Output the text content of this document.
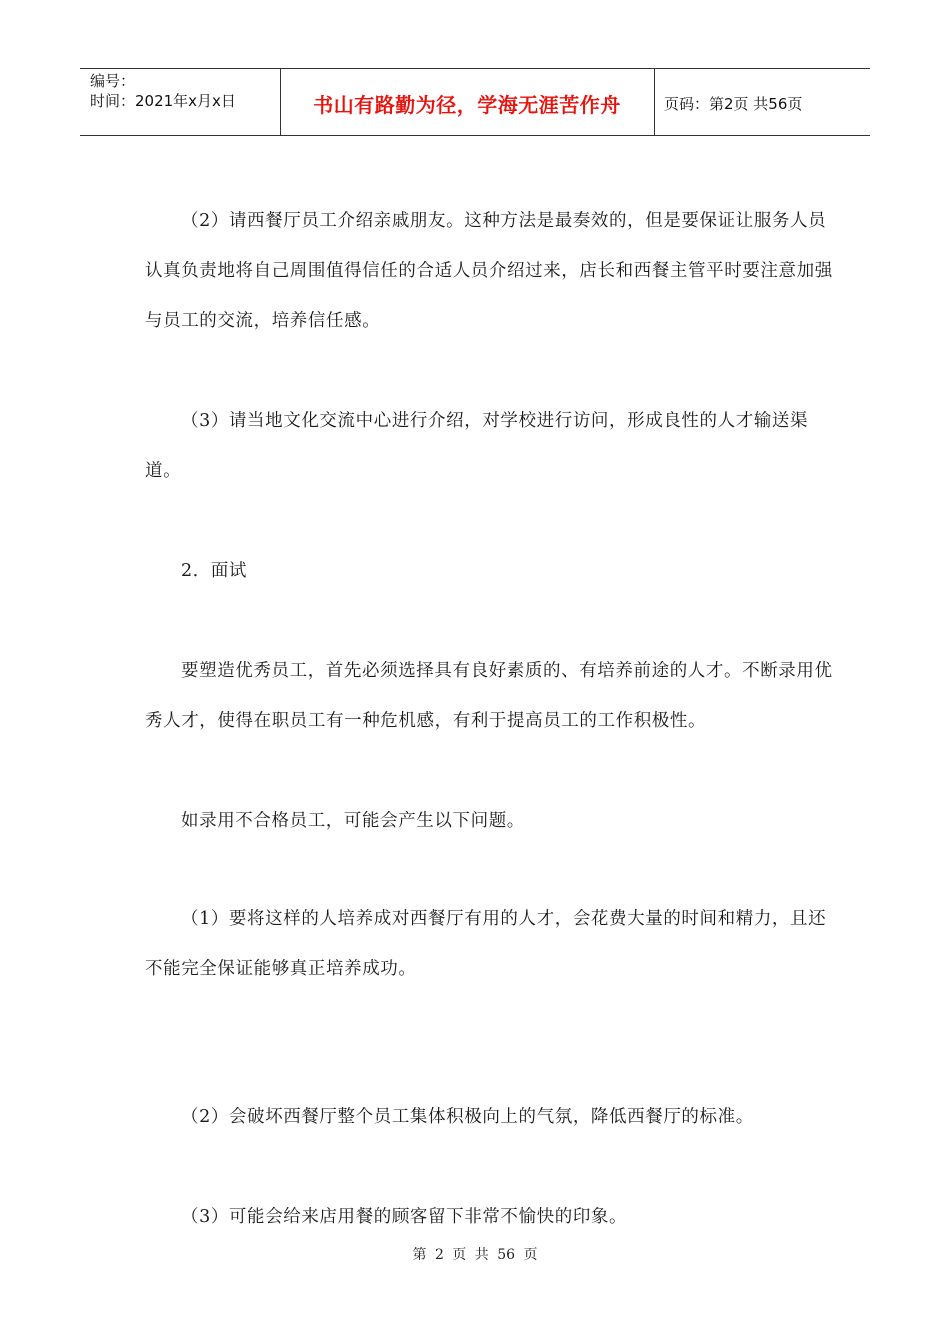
编号：
时间：2021年x月x日	书山有路勤为径，学海无涯苦作舟	页码：第2页 共56页

（2）请西餐厅员工介绍亲戚朋友。这种方法是最奏效的，但是要保证让服务人员认真负责地将自己周围值得信任的合适人员介绍过来，店长和西餐主管平时要注意加强与员工的交流，培养信任感。

（3）请当地文化交流中心进行介绍，对学校进行访问，形成良性的人才输送渠道。

2．面试

要塑造优秀员工，首先必须选择具有良好素质的、有培养前途的人才。不断录用优秀人才，使得在职员工有一种危机感，有利于提高员工的工作积极性。

如录用不合格员工，可能会产生以下问题。

（1）要将这样的人培养成对西餐厅有用的人才，会花费大量的时间和精力，且还不能完全保证能够真正培养成功。

（2）会破坏西餐厅整个员工集体积极向上的气氛，降低西餐厅的标准。

（3）可能会给来店用餐的顾客留下非常不愉快的印象。

第 2 页 共 56 页
